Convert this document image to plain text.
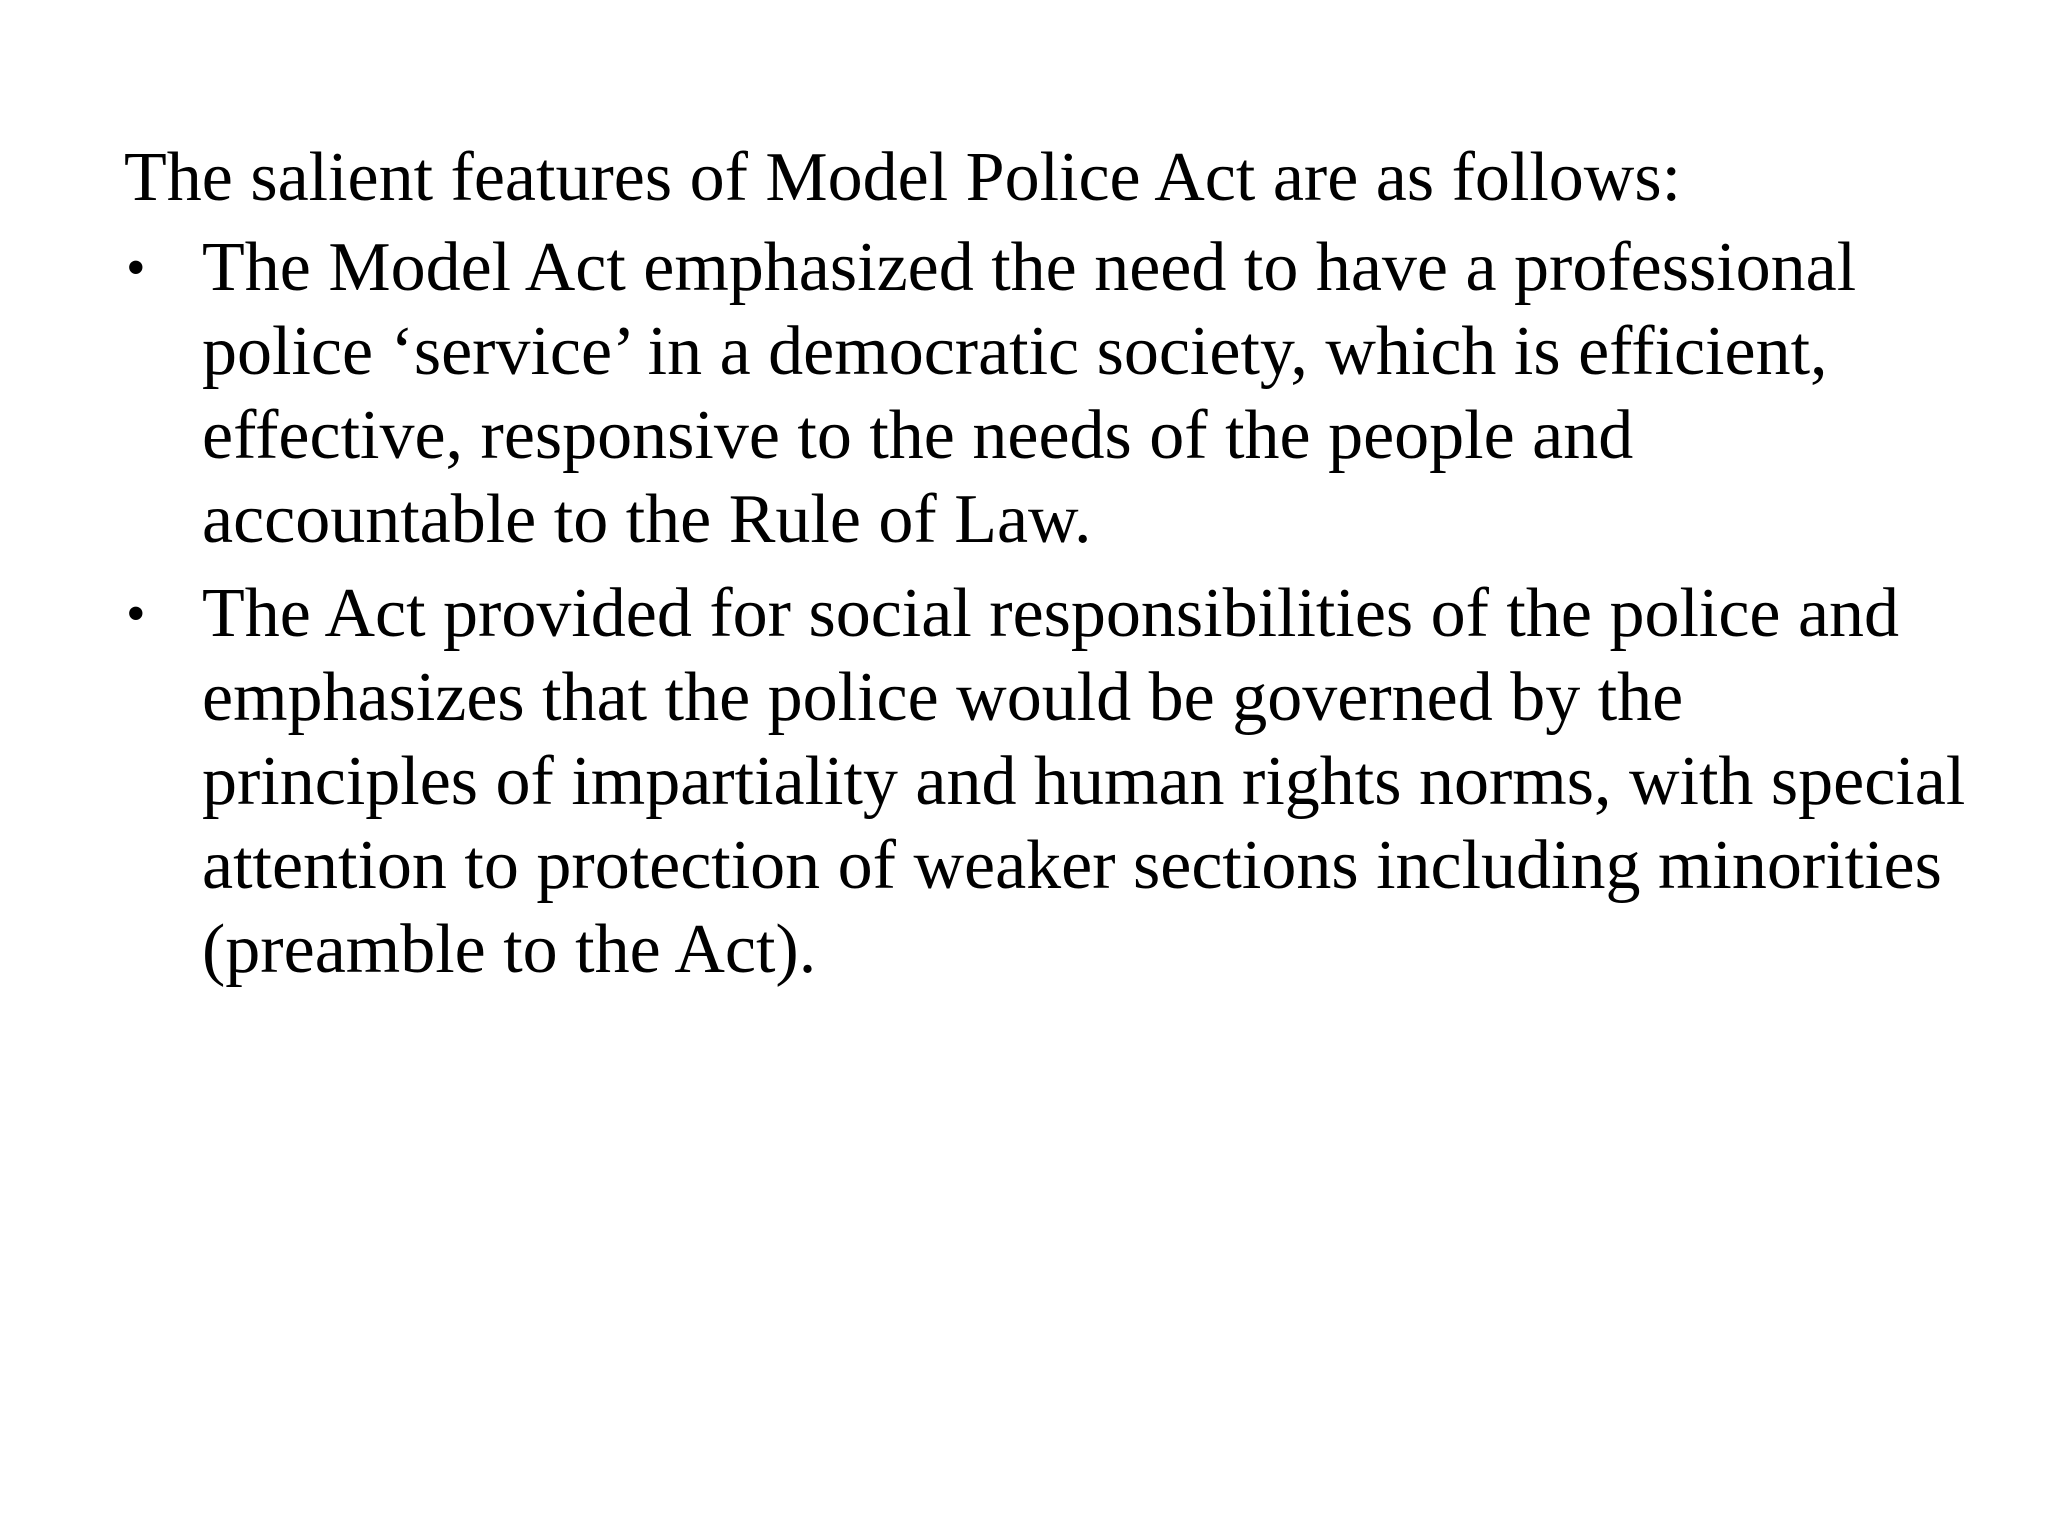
The salient features of Model Police Act are as follows:

• The Model Act emphasized the need to have a professional
police ‘service’ in a democratic society, which is efficient,
effective, responsive to the needs of the people and
accountable to the Rule of Law.
• The Act provided for social responsibilities of the police and
emphasizes that the police would be governed by the
principles of impartiality and human rights norms, with special
attention to protection of weaker sections including minorities
(preamble to the Act).
